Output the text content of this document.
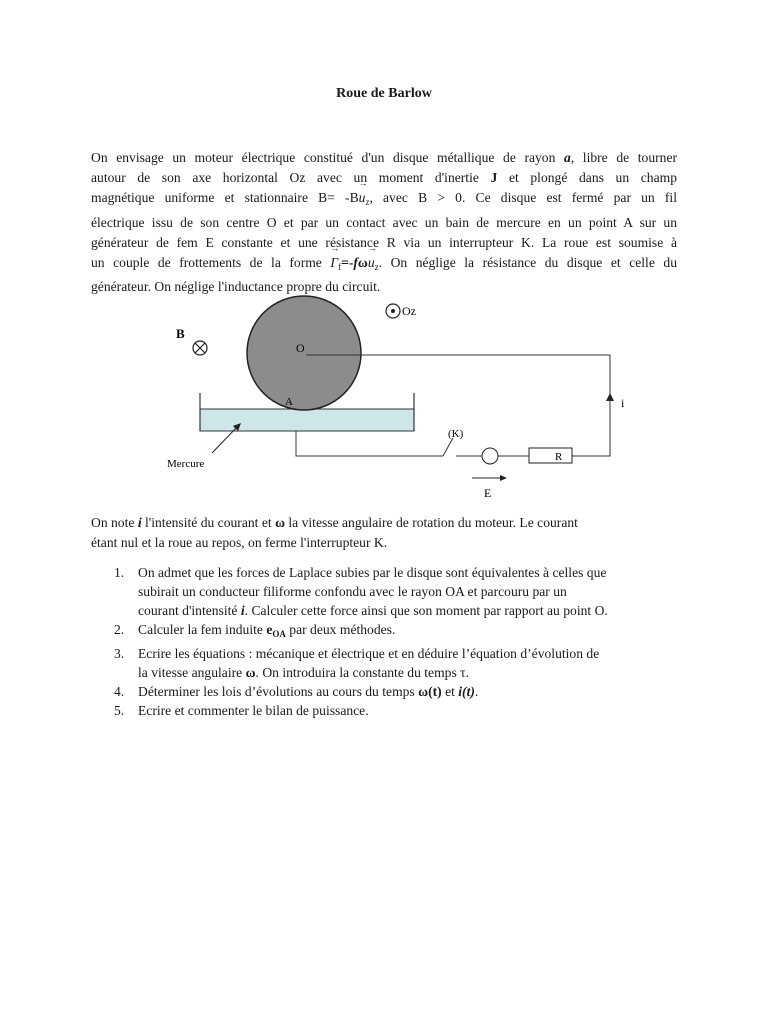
Roue de Barlow
On envisage un moteur électrique constitué d'un disque métallique de rayon a, libre de tourner
autour de son axe horizontal Oz avec un moment d'inertie J et plongé dans un champ
magnétique uniforme et stationnaire $B= -B\to u_z$, avec B > 0. Ce disque est fermé par un fil
électrique issu de son centre O et par un contact avec un bain de mercure en un point A sur un
générateur de fem E constante et une résistance R via un interrupteur K. La roue est soumise à
un couple de frottements de la forme → $\Gamma_f=-f\omega\to u_z$. On néglige la résistance du disque et celle du
générateur. On néglige l'inductance propre du circuit.
B
Oz
O
A	i
R
(K)
E
Mercure
On note i l'intensité du courant et ω la vitesse angulaire de rotation du moteur. Le courant
étant nul et la roue au repos, on ferme l'interrupteur K.
1. On admet que les forces de Laplace subies par le disque sont équivalentes à celles que
subirait un conducteur filiforme confondu avec le rayon OA et parcouru par un
courant d'intensité i. Calculer cette force ainsi que son moment par rapport au point O.
2. Calculer la fem induite $e_{OA}$ par deux méthodes.
3. Ecrire les équations : mécanique et électrique et en déduire l’équation d’évolution de
la vitesse angulaire ω. On introduira la constante du temps τ.
4. Déterminer les lois d’évolutions au cours du temps ω(t) et i(t).
5. Ecrire et commenter le bilan de puissance.
